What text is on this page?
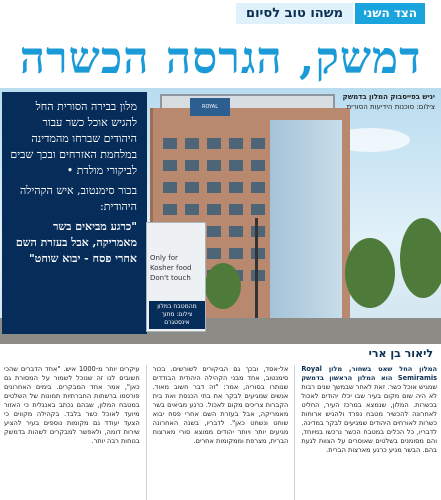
הצד השני
משהו טוב לסיום
דמשק, הגרסה הכשרה
ROYAL
יניש בפייסבוק המלון בדמשק
צילום: סוכנות הידיעות הסורית

מלון בבירה הסורית החל להגיש אוכל כשר עבור היהודים שברחו מהמדינה במלחמת האזרחים ובכך שבים לביקורי מולדת •

בכור סימנטוב, איש הקהילה היהודית:

"כרגע מביאים בשר מאמריקה, אבל בעזרת השם אחרי פסח - יבוא שוחט" Only for
Kosher food
Don't touch
מהמטבח במלון
צילום: מתוך אינסטגרם
ליאור בן ארי
המלון החל שאט בשחור, מלון Royal Semiramis הוא המלון הראשון בדמשק שמגיש אוכל כשר. זאת לאחר שבמשך שנים רבות לא היה שום מקום בעיר שבו יכלו יהודים לאכול בכשרות. המלון, שנמצא במרכז העיר, החליט לאחרונה להכשיר מטבח נפרד ולהגיש ארוחות כשרות לאורחים היהודים שמגיעים לבקר במדינה. לדבריו, כל הכלים במטבח הכשר נרכשו במיוחד, והם מסומנים בשלטים שאוסרים על הצוות לגעת בהם. הבשר מגיע כרגע מארצות הברית.
אל-אסד, ובכך גם הביקורים לשורשים. בכור סימנטוב, אחד מבני הקהילה היהודית הבודדים שנותרו בסוריה, אמר: "זה דבר חשוב מאוד. אנשים שמגיעים לבקר את בתי הכנסת ואת בית הקברות צריכים מקום לאכול. כרגע מביאים בשר מאמריקה, אבל בעזרת השם אחרי פסח יבוא שוחט ונשחט כאן". לדבריו, בשנה האחרונה מגיעים יותר ויותר יהודים ממוצא סורי מארצות הברית, מצרפת וממקומות אחרים.
עיקרים יותר מ-1000 איש. "אחד הדברים שהכי חשובים לנו זה שנוכל לשמור על המסורת גם כאן", אמר אחד המבקרים. בימים האחרונים פורסמו ברשתות החברתיות תמונות של השלטים במטבח המלון, שבהם נכתב באנגלית כי האזור מיועד לאוכל כשר בלבד. בקהילה מקווים כי הצעד יעודד גם מקומות נוספים בעיר להציע שירות דומה, ולאפשר למבקרים לשהות בדמשק בנוחות רבה יותר.
